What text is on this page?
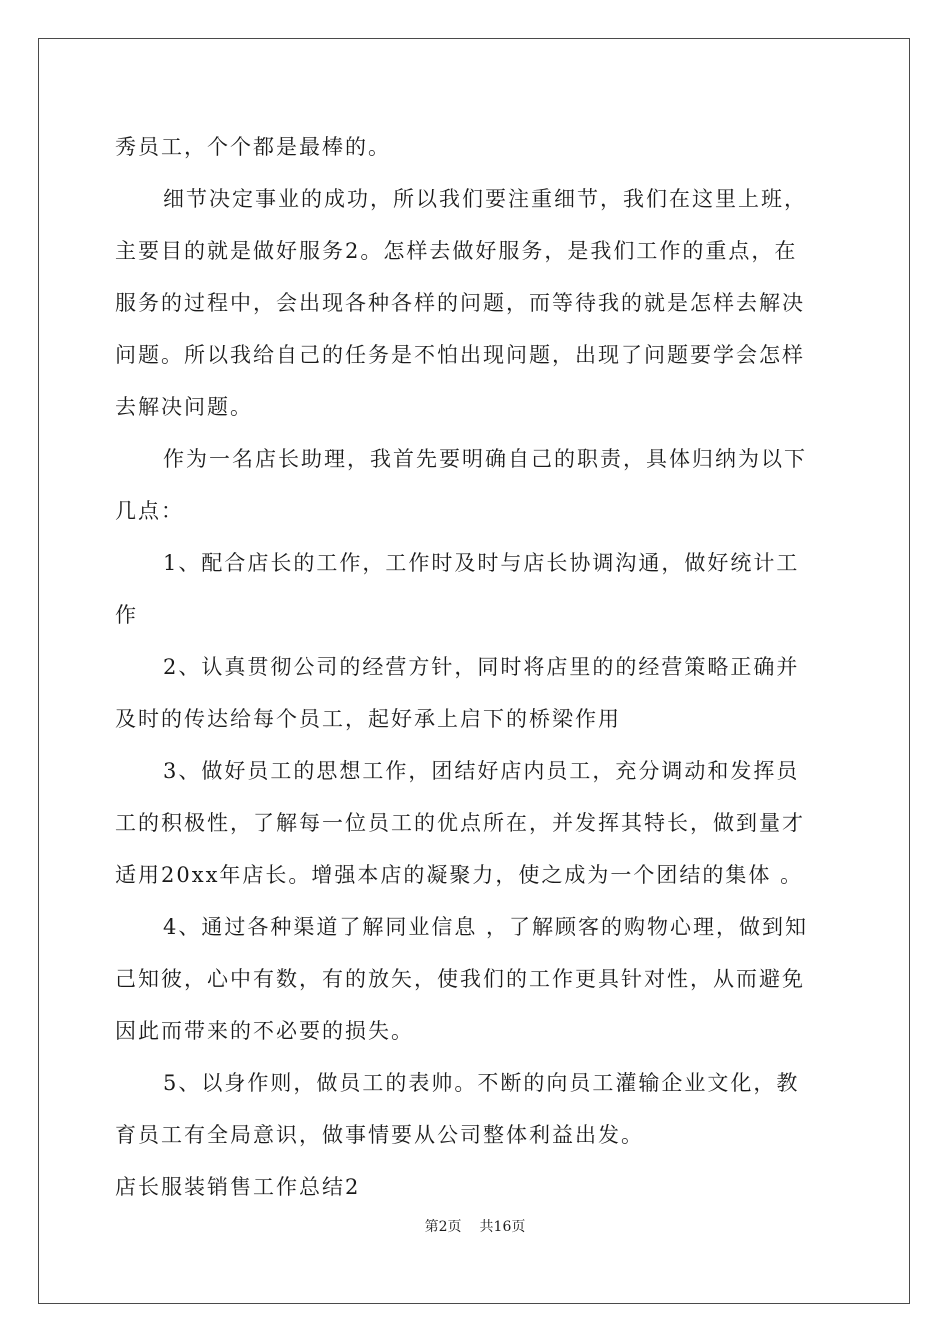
秀员工，个个都是最棒的。
细节决定事业的成功，所以我们要注重细节，我们在这里上班，
主要目的就是做好服务2。怎样去做好服务，是我们工作的重点，在
服务的过程中，会出现各种各样的问题，而等待我的就是怎样去解决
问题。所以我给自己的任务是不怕出现问题，出现了问题要学会怎样
去解决问题。
作为一名店长助理，我首先要明确自己的职责，具体归纳为以下
几点：
1、配合店长的工作，工作时及时与店长协调沟通，做好统计工
作
2、认真贯彻公司的经营方针，同时将店里的的经营策略正确并
及时的传达给每个员工，起好承上启下的桥梁作用
3、做好员工的思想工作，团结好店内员工，充分调动和发挥员
工的积极性，了解每一位员工的优点所在，并发挥其特长，做到量才
适用20xx年店长。增强本店的凝聚力，使之成为一个团结的集体 。
4、通过各种渠道了解同业信息 ，了解顾客的购物心理，做到知
己知彼，心中有数，有的放矢，使我们的工作更具针对性，从而避免
因此而带来的不必要的损失。
5、以身作则，做员工的表帅。不断的向员工灌输企业文化，教
育员工有全局意识，做事情要从公司整体利益出发。
店长服装销售工作总结2
第2页 共16页
